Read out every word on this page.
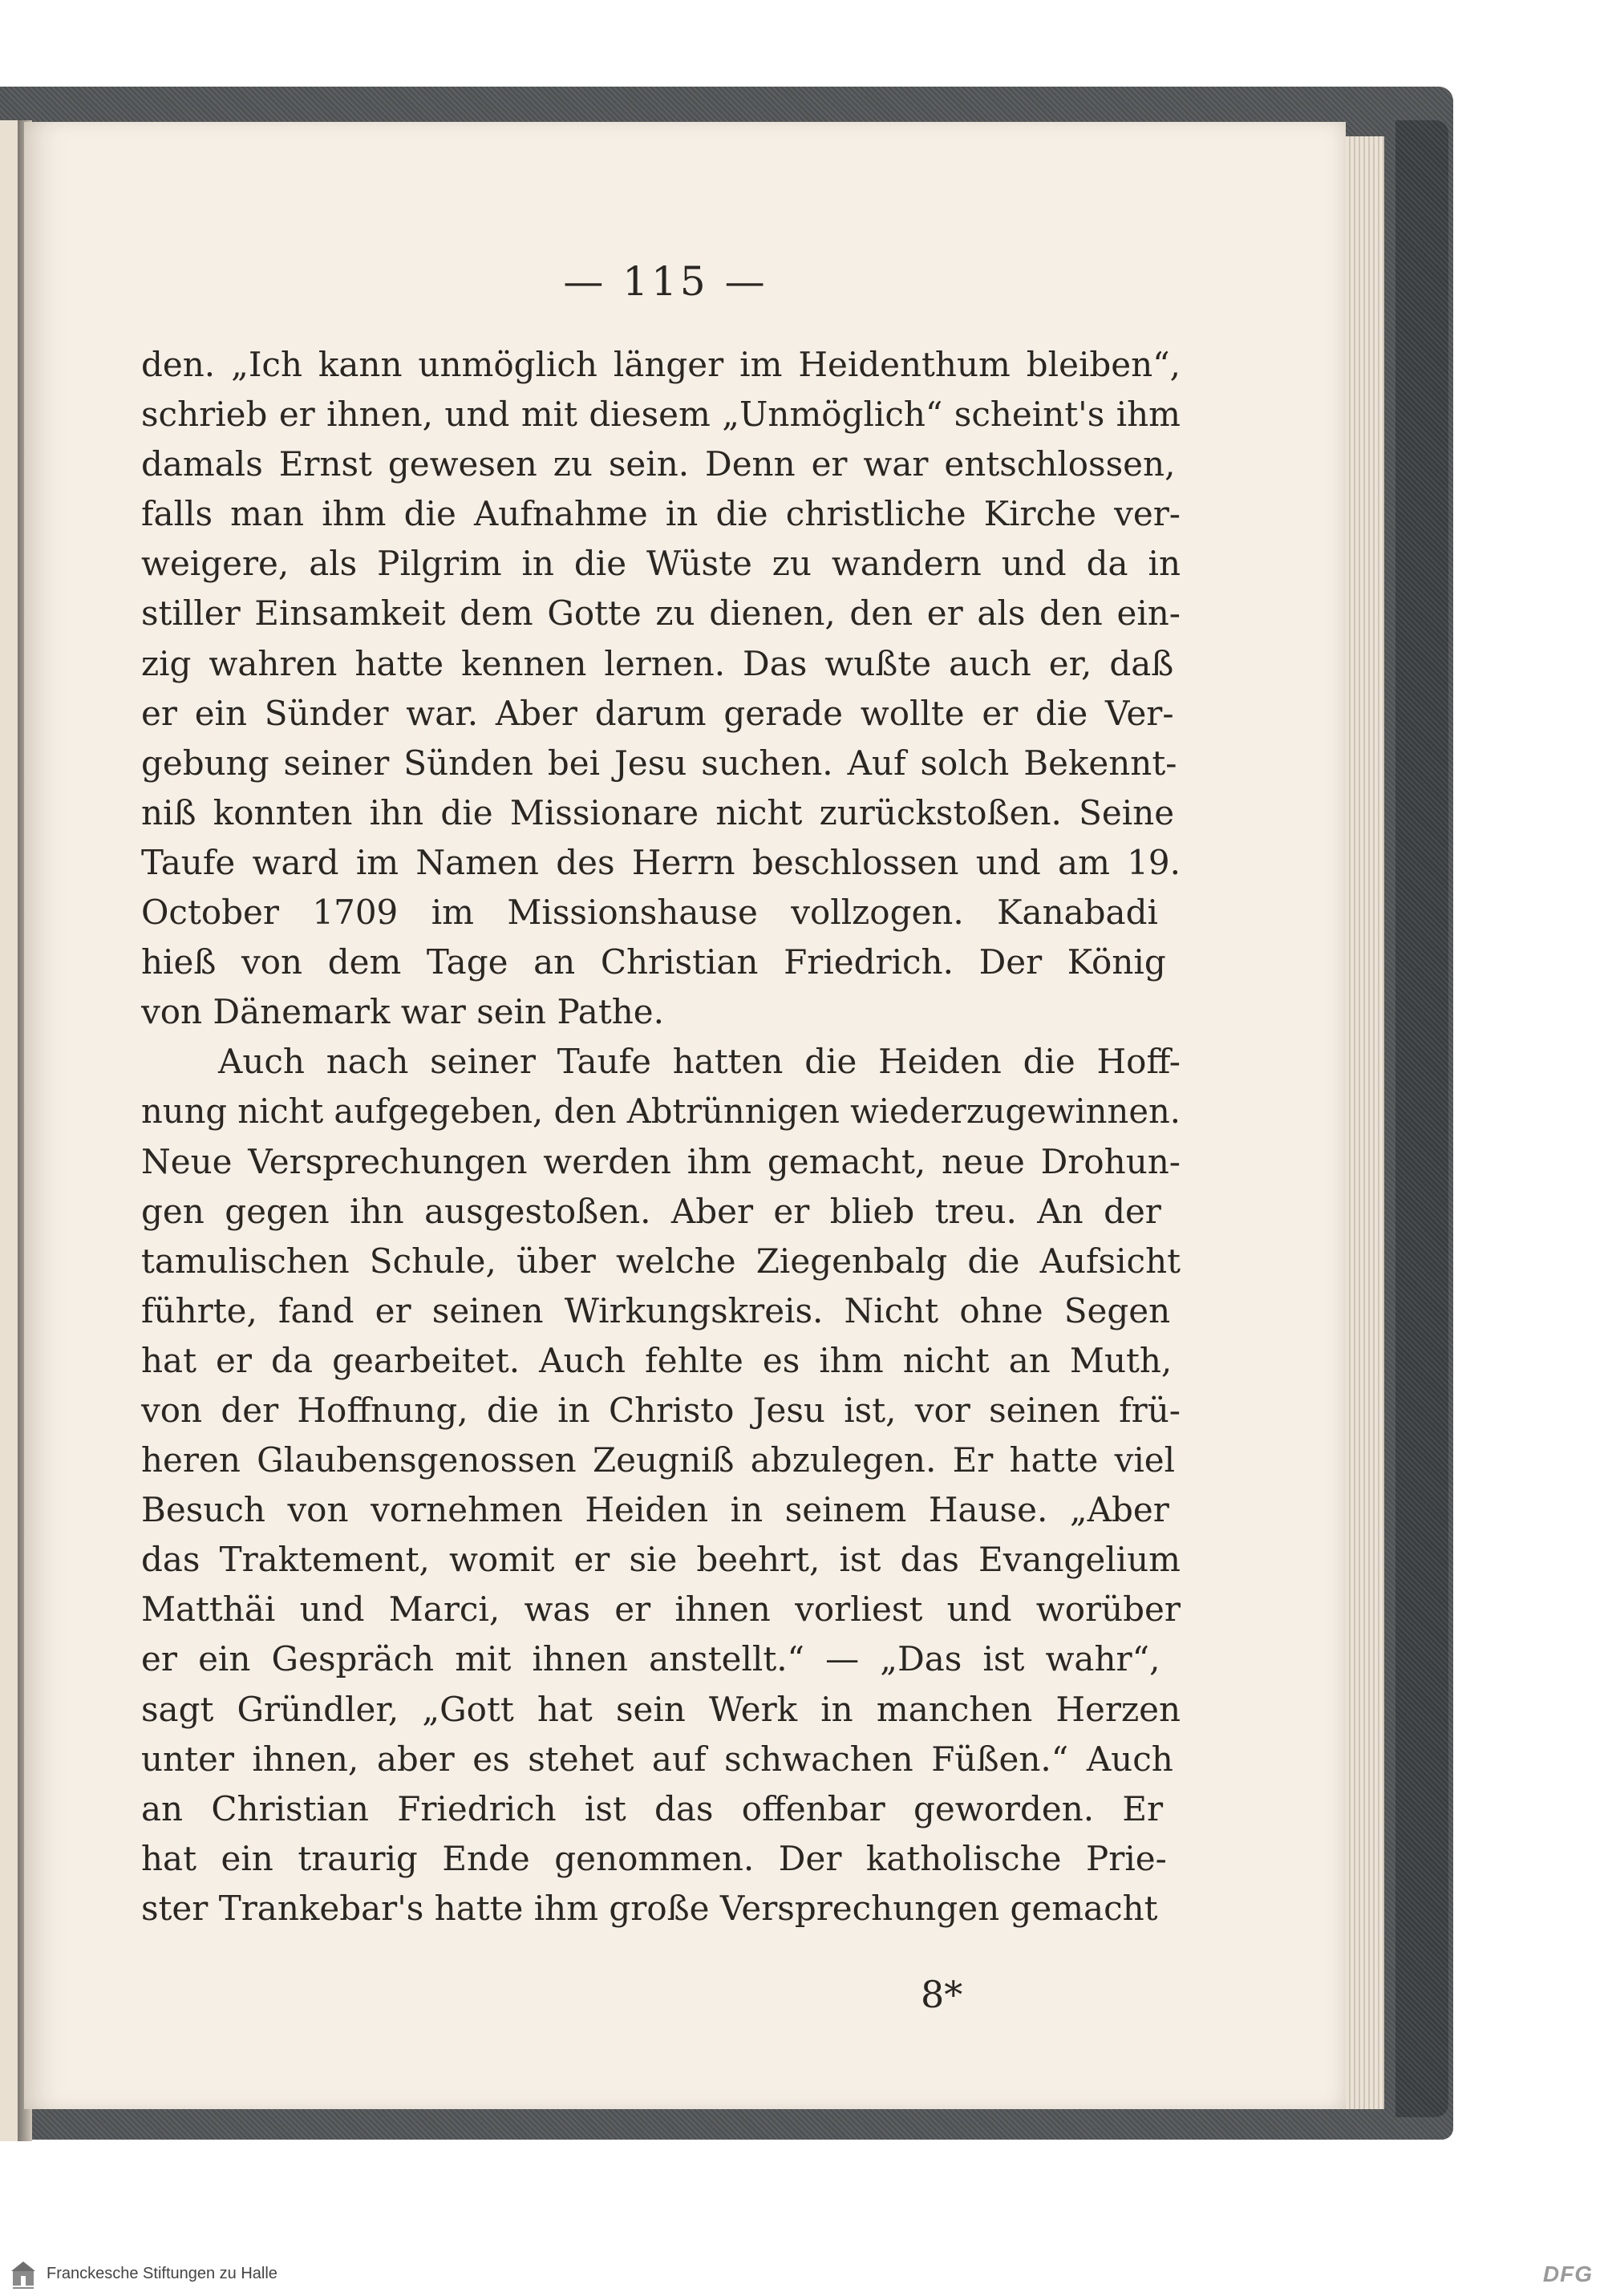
— 115 —
den. „Ich kann unmöglich länger im Heidenthum bleiben“,
schrieb er ihnen, und mit diesem „Unmöglich“ scheint's ihm
damals Ernst gewesen zu sein. Denn er war entschlossen,
falls man ihm die Aufnahme in die christliche Kirche ver-
weigere, als Pilgrim in die Wüste zu wandern und da in
stiller Einsamkeit dem Gotte zu dienen, den er als den ein-
zig wahren hatte kennen lernen. Das wußte auch er, daß
er ein Sünder war. Aber darum gerade wollte er die Ver-
gebung seiner Sünden bei Jesu suchen. Auf solch Bekennt-
niß konnten ihn die Missionare nicht zurückstoßen. Seine
Taufe ward im Namen des Herrn beschlossen und am 19.
October 1709 im Missionshause vollzogen. Kanabadi
hieß von dem Tage an Christian Friedrich. Der König
von Dänemark war sein Pathe.
Auch nach seiner Taufe hatten die Heiden die Hoff-
nung nicht aufgegeben, den Abtrünnigen wiederzugewinnen.
Neue Versprechungen werden ihm gemacht, neue Drohun-
gen gegen ihn ausgestoßen. Aber er blieb treu. An der
tamulischen Schule, über welche Ziegenbalg die Aufsicht
führte, fand er seinen Wirkungskreis. Nicht ohne Segen
hat er da gearbeitet. Auch fehlte es ihm nicht an Muth,
von der Hoffnung, die in Christo Jesu ist, vor seinen frü-
heren Glaubensgenossen Zeugniß abzulegen. Er hatte viel
Besuch von vornehmen Heiden in seinem Hause. „Aber
das Traktement, womit er sie beehrt, ist das Evangelium
Matthäi und Marci, was er ihnen vorliest und worüber
er ein Gespräch mit ihnen anstellt.“ — „Das ist wahr“,
sagt Gründler, „Gott hat sein Werk in manchen Herzen
unter ihnen, aber es stehet auf schwachen Füßen.“ Auch
an Christian Friedrich ist das offenbar geworden. Er
hat ein traurig Ende genommen. Der katholische Prie-
ster Trankebar's hatte ihm große Versprechungen gemacht
8*
Franckesche Stiftungen zu Halle	DFG
